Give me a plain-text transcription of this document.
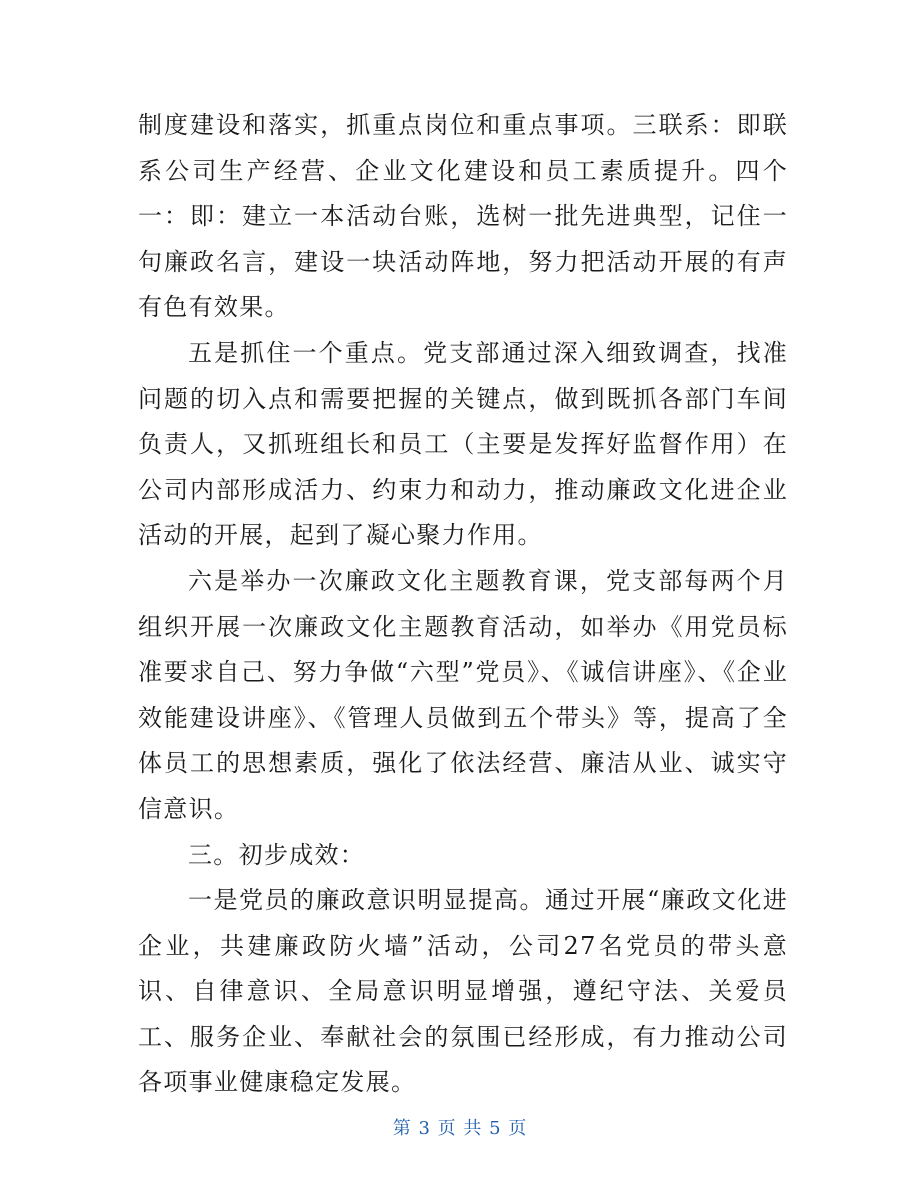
制度建设和落实，抓重点岗位和重点事项。三联系：即联系公司生产经营、企业文化建设和员工素质提升。四个一：即：建立一本活动台账，选树一批先进典型，记住一句廉政名言，建设一块活动阵地，努力把活动开展的有声有色有效果。

五是抓住一个重点。党支部通过深入细致调查，找准问题的切入点和需要把握的关键点，做到既抓各部门车间负责人，又抓班组长和员工（主要是发挥好监督作用）在公司内部形成活力、约束力和动力，推动廉政文化进企业活动的开展，起到了凝心聚力作用。

六是举办一次廉政文化主题教育课，党支部每两个月组织开展一次廉政文化主题教育活动，如举办《用党员标准要求自己、努力争做“六型”党员》、《诚信讲座》、《企业效能建设讲座》、《管理人员做到五个带头》等，提高了全体员工的思想素质，强化了依法经营、廉洁从业、诚实守信意识。

三。初步成效：

一是党员的廉政意识明显提高。通过开展“廉政文化进企业，共建廉政防火墙”活动，公司27名党员的带头意识、自律意识、全局意识明显增强，遵纪守法、关爱员工、服务企业、奉献社会的氛围已经形成，有力推动公司各项事业健康稳定发展。

第 3 页 共 5 页
